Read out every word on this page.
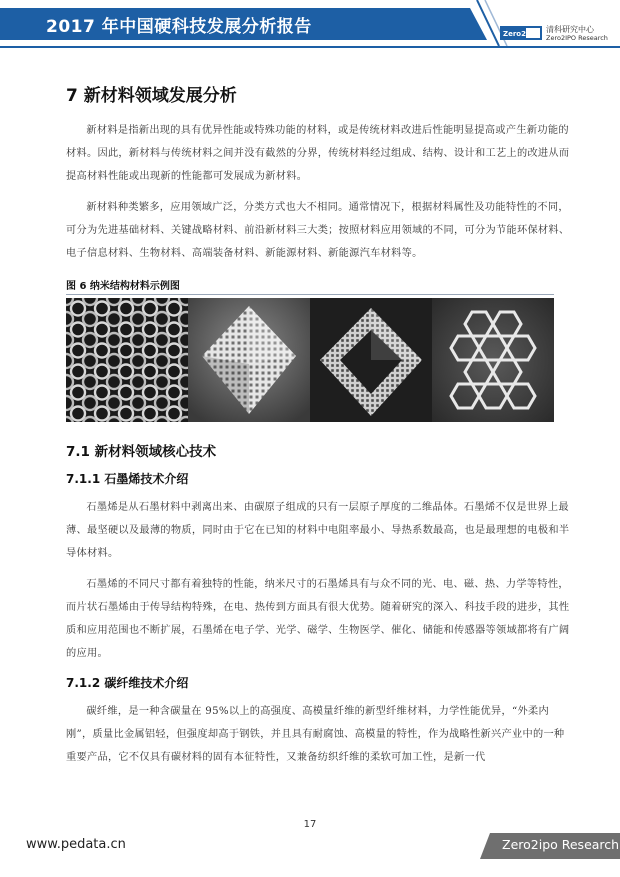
2017 年中国硬科技发展分析报告	Zero2IPO 清科研究中心
Zero2IPO Research
7 新材料领域发展分析

新材料是指新出现的具有优异性能或特殊功能的材料，或是传统材料改进后性能明显提高或产生新功能的材料。因此，新材料与传统材料之间并没有截然的分界，传统材料经过组成、结构、设计和工艺上的改进从而提高材料性能或出现新的性能都可发展成为新材料。

新材料种类繁多，应用领域广泛，分类方式也大不相同。通常情况下，根据材料属性及功能特性的不同，可分为先进基础材料、关键战略材料、前沿新材料三大类；按照材料应用领域的不同，可分为节能环保材料、电子信息材料、生物材料、高端装备材料、新能源材料、新能源汽车材料等。

图 6 纳米结构材料示例图
7.1 新材料领域核心技术
7.1.1 石墨烯技术介绍

石墨烯是从石墨材料中剥离出来、由碳原子组成的只有一层原子厚度的二维晶体。石墨烯不仅是世界上最薄、最坚硬以及最薄的物质，同时由于它在已知的材料中电阻率最小、导热系数最高，也是最理想的电极和半导体材料。

石墨烯的不同尺寸都有着独特的性能，纳米尺寸的石墨烯具有与众不同的光、电、磁、热、力学等特性，而片状石墨烯由于传导结构特殊，在电、热传到方面具有很大优势。随着研究的深入、科技手段的进步，其性质和应用范围也不断扩展，石墨烯在电子学、光学、磁学、生物医学、催化、储能和传感器等领域都将有广阔的应用。

7.1.2 碳纤维技术介绍

碳纤维，是一种含碳量在 95%以上的高强度、高模量纤维的新型纤维材料，力学性能优异，“外柔内刚”，质量比金属铝轻，但强度却高于钢铁，并且具有耐腐蚀、高模量的特性，作为战略性新兴产业中的一种重要产品，它不仅具有碳材料的固有本征特性，又兼备纺织纤维的柔软可加工性，是新一代

17
www.pedata.cn	Zero2ipo Research
